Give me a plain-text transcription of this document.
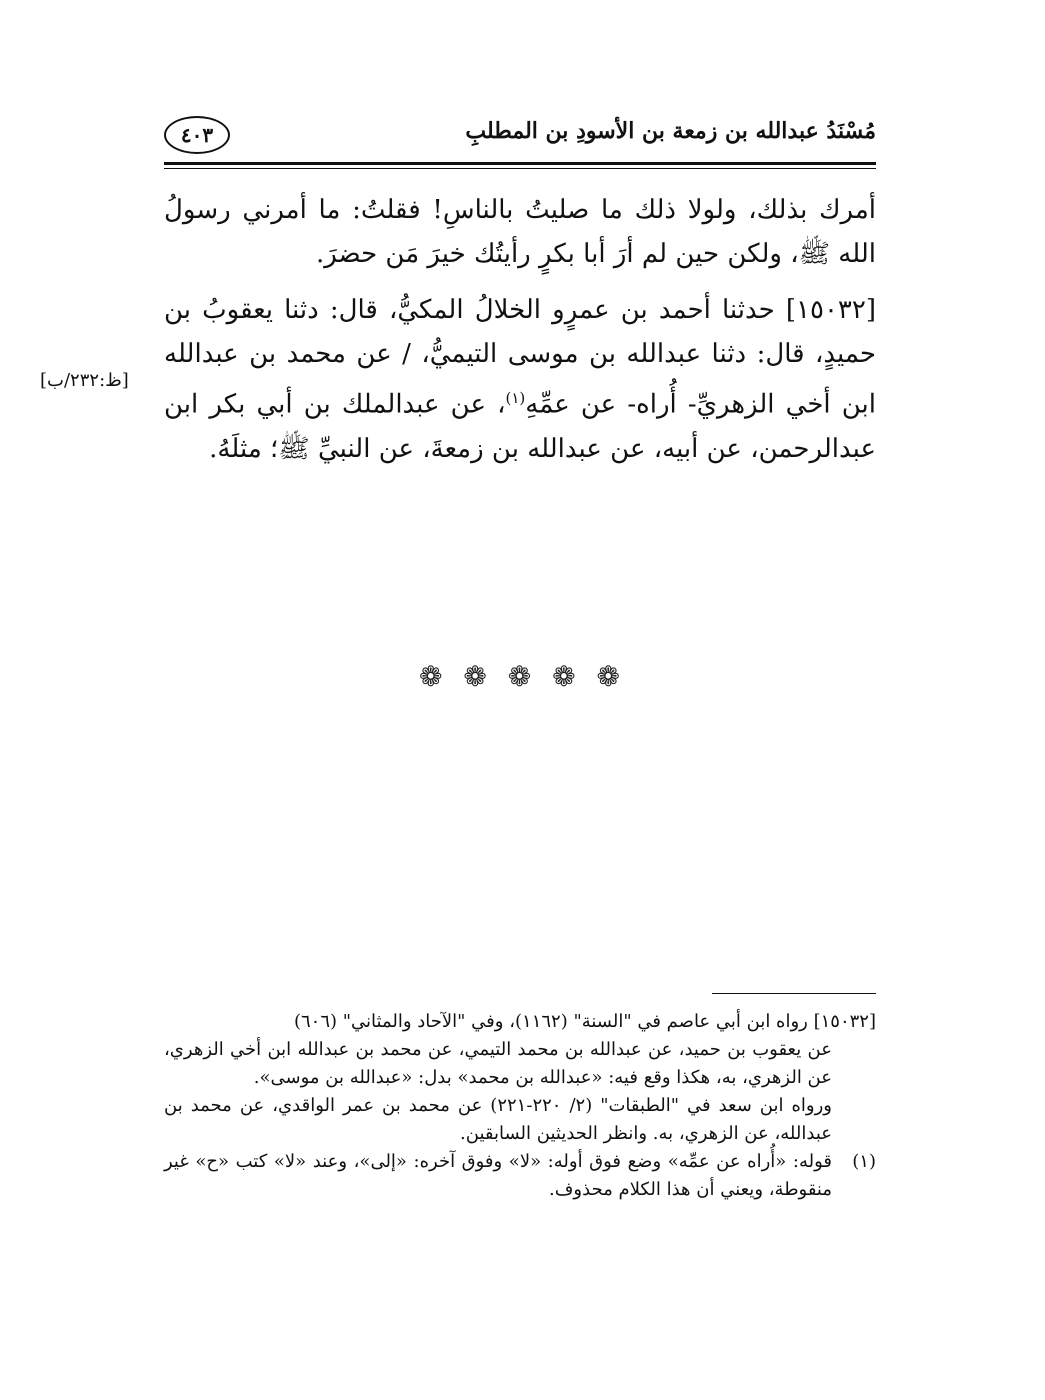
مُسْنَدُ عبدالله بن زمعة بن الأسودِ بن المطلبِ
٤٠٣

أمرك بذلك، ولولا ذلك ما صليتُ بالناسِ! فقلتُ: ما أمرني رسولُ الله ﷺ، ولكن حين لم أرَ أبا بكرٍ رأيتُك خيرَ مَن حضرَ.

[١٥٠٣٢] حدثنا أحمد بن عمرٍو الخلالُ المكيُّ، قال: دثنا يعقوبُ بن حميدٍ، قال: دثنا عبدالله بن موسى التيميُّ، / عن محمد بن عبدالله ابن أخي الزهريِّ- أُراه- عن عمِّهِ$^{(١)}$، عن عبدالملك بن أبي بكر ابن عبدالرحمن، عن أبيه، عن عبدالله بن زمعةَ، عن النبيِّ ﷺ؛ مثلَهُ.

[ظ:٢٣٢/ب]
❁ ❁ ❁ ❁ ❁

[١٥٠٣٢] رواه ابن أبي عاصم في "السنة" (١١٦٢)، وفي "الآحاد والمثاني" (٦٠٦)

عن يعقوب بن حميد، عن عبدالله بن محمد التيمي، عن محمد بن عبدالله ابن أخي الزهري، عن الزهري، به، هكذا وقع فيه: «عبدالله بن محمد» بدل: «عبدالله بن موسى».

ورواه ابن سعد في "الطبقات" (٢/ ٢٢٠-٢٢١) عن محمد بن عمر الواقدي، عن محمد بن عبدالله، عن الزهري، به. وانظر الحديثين السابقين.

(١)قوله: «أُراه عن عمِّه» وضع فوق أوله: «لا» وفوق آخره: «إلى»، وعند «لا» كتب «ح» غير منقوطة، ويعني أن هذا الكلام محذوف.
